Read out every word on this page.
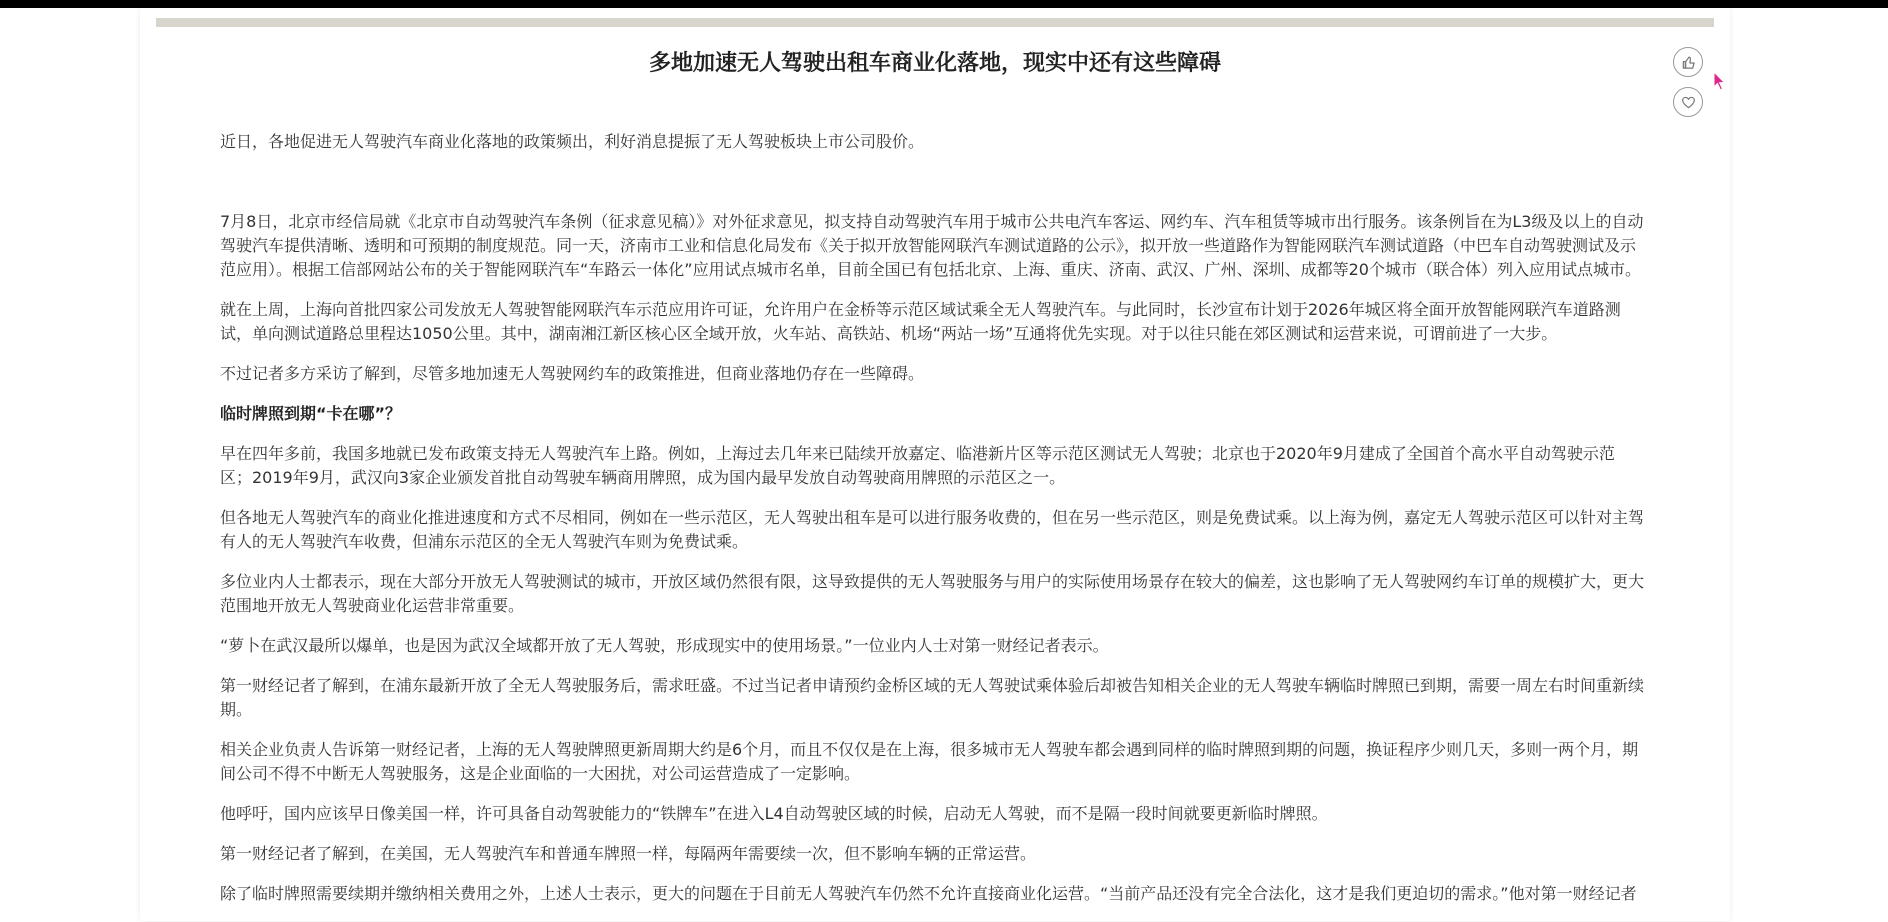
多地加速无人驾驶出租车商业化落地，现实中还有这些障碍

近日，各地促进无人驾驶汽车商业化落地的政策频出，利好消息提振了无人驾驶板块上市公司股价。

7月8日，北京市经信局就《北京市自动驾驶汽车条例（征求意见稿）》对外征求意见，拟支持自动驾驶汽车用于城市公共电汽车客运、网约车、汽车租赁等城市出行服务。该条例旨在为L3级及以上的自动驾驶汽车提供清晰、透明和可预期的制度规范。同一天，济南市工业和信息化局发布《关于拟开放智能网联汽车测试道路的公示》，拟开放一些道路作为智能网联汽车测试道路（中巴车自动驾驶测试及示范应用）。根据工信部网站公布的关于智能网联汽车“车路云一体化”应用试点城市名单，目前全国已有包括北京、上海、重庆、济南、武汉、广州、深圳、成都等20个城市（联合体）列入应用试点城市。

就在上周，上海向首批四家公司发放无人驾驶智能网联汽车示范应用许可证，允许用户在金桥等示范区域试乘全无人驾驶汽车。与此同时，长沙宣布计划于2026年城区将全面开放智能网联汽车道路测试，单向测试道路总里程达1050公里。其中，湖南湘江新区核心区全域开放，火车站、高铁站、机场“两站一场”互通将优先实现。对于以往只能在郊区测试和运营来说，可谓前进了一大步。

不过记者多方采访了解到，尽管多地加速无人驾驶网约车的政策推进，但商业落地仍存在一些障碍。

临时牌照到期“卡在哪”？

早在四年多前，我国多地就已发布政策支持无人驾驶汽车上路。例如，上海过去几年来已陆续开放嘉定、临港新片区等示范区测试无人驾驶；北京也于2020年9月建成了全国首个高水平自动驾驶示范区；2019年9月，武汉向3家企业颁发首批自动驾驶车辆商用牌照，成为国内最早发放自动驾驶商用牌照的示范区之一。

但各地无人驾驶汽车的商业化推进速度和方式不尽相同，例如在一些示范区，无人驾驶出租车是可以进行服务收费的，但在另一些示范区，则是免费试乘。以上海为例，嘉定无人驾驶示范区可以针对主驾有人的无人驾驶汽车收费，但浦东示范区的全无人驾驶汽车则为免费试乘。

多位业内人士都表示，现在大部分开放无人驾驶测试的城市，开放区域仍然很有限，这导致提供的无人驾驶服务与用户的实际使用场景存在较大的偏差，这也影响了无人驾驶网约车订单的规模扩大，更大范围地开放无人驾驶商业化运营非常重要。

“萝卜在武汉最所以爆单，也是因为武汉全域都开放了无人驾驶，形成现实中的使用场景。”一位业内人士对第一财经记者表示。

第一财经记者了解到，在浦东最新开放了全无人驾驶服务后，需求旺盛。不过当记者申请预约金桥区域的无人驾驶试乘体验后却被告知相关企业的无人驾驶车辆临时牌照已到期，需要一周左右时间重新续期。

相关企业负责人告诉第一财经记者，上海的无人驾驶牌照更新周期大约是6个月，而且不仅仅是在上海，很多城市无人驾驶车都会遇到同样的临时牌照到期的问题，换证程序少则几天，多则一两个月，期间公司不得不中断无人驾驶服务，这是企业面临的一大困扰，对公司运营造成了一定影响。

他呼吁，国内应该早日像美国一样，许可具备自动驾驶能力的“铁牌车”在进入L4自动驾驶区域的时候，启动无人驾驶，而不是隔一段时间就要更新临时牌照。

第一财经记者了解到，在美国，无人驾驶汽车和普通车牌照一样，每隔两年需要续一次，但不影响车辆的正常运营。

除了临时牌照需要续期并缴纳相关费用之外，上述人士表示，更大的问题在于目前无人驾驶汽车仍然不允许直接商业化运营。“当前产品还没有完全合法化，这才是我们更迫切的需求。”他对第一财经记者
